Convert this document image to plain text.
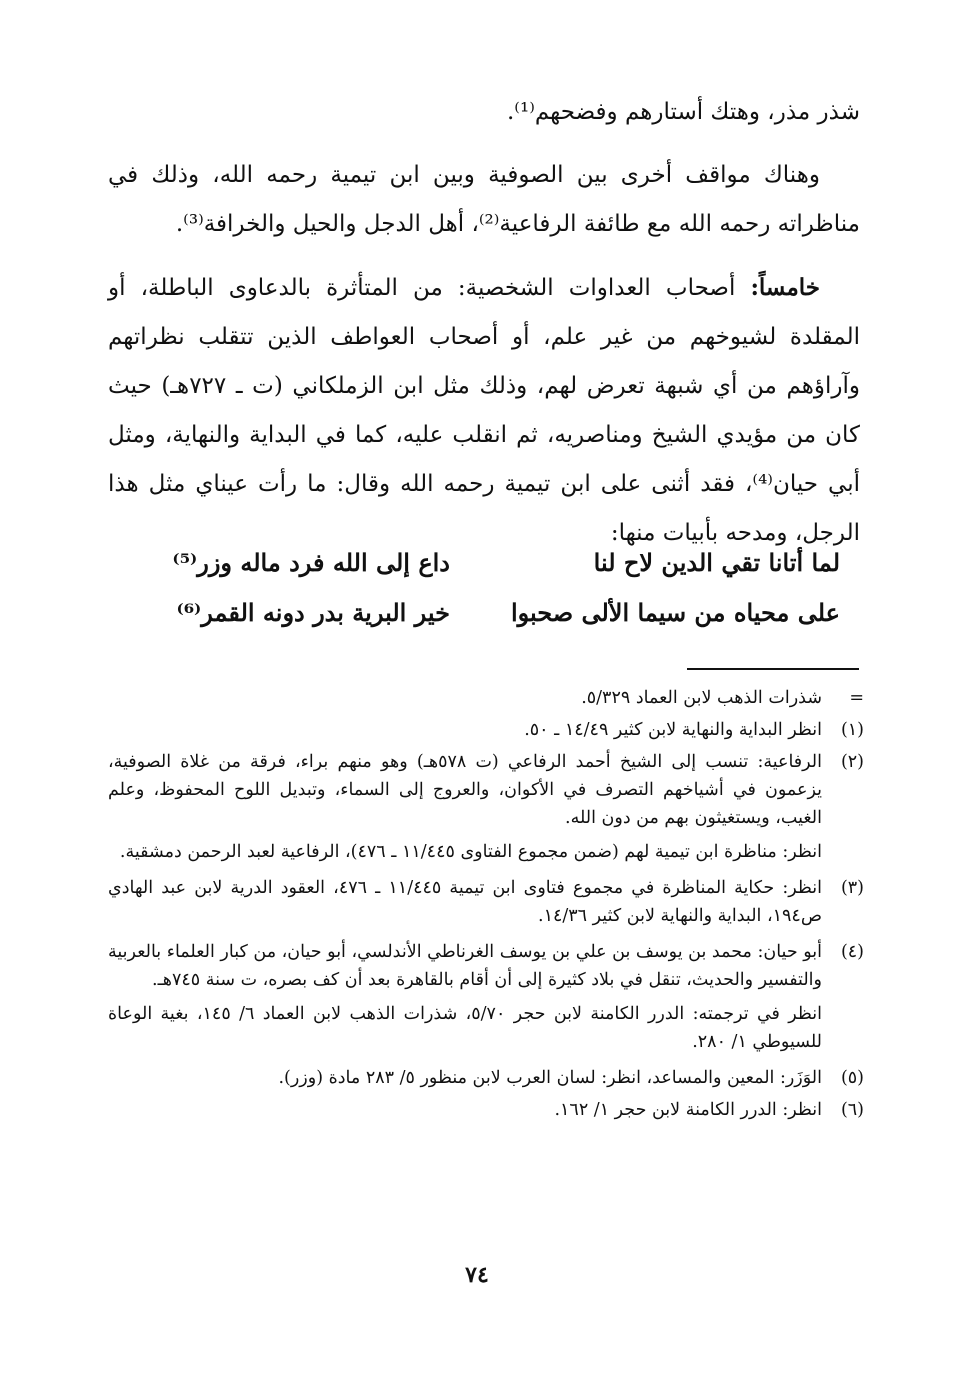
شذر مذر، وهتك أستارهم وفضحهم⁽¹⁾.

وهناك مواقف أخرى بين الصوفية وبين ابن تيمية رحمه الله، وذلك في مناظراته رحمه الله مع طائفة الرفاعية⁽²⁾، أهل الدجل والحيل والخرافة⁽³⁾.

خامساً: أصحاب العداوات الشخصية: من المتأثرة بالدعاوى الباطلة، أو المقلدة لشيوخهم من غير علم، أو أصحاب العواطف الذين تتقلب نظراتهم وآراؤهم من أي شبهة تعرض لهم، وذلك مثل ابن الزملكاني (ت ـ ٧٢٧هـ) حيث كان من مؤيدي الشيخ ومناصريه، ثم انقلب عليه، كما في البداية والنهاية، ومثل أبي حيان⁽⁴⁾، فقد أثنى على ابن تيمية رحمه الله وقال: ما رأت عيناي مثل هذا الرجل، ومدحه بأبيات منها:

لما أتانا تقي الدين لاح لنا
داع إلى الله فرد ماله وزر⁽⁵⁾
على محياه من سيما الألى صحبوا
خير البرية بدر دونه القمر⁽⁶⁾
=

شذرات الذهب لابن العماد ٥/٣٢٩.

(١)

انظر البداية والنهاية لابن كثير ١٤/٤٩ ـ ٥٠.

(٢)

الرفاعية: تنسب إلى الشيخ أحمد الرفاعي (ت ٥٧٨هـ) وهو منهم براء، فرقة من غلاة الصوفية، يزعمون في أشياخهم التصرف في الأكوان، والعروج إلى السماء، وتبديل اللوح المحفوظ، وعلم الغيب، ويستغيثون بهم من دون الله.

انظر: مناظرة ابن تيمية لهم (ضمن مجموع الفتاوى ١١/٤٤٥ ـ ٤٧٦)، الرفاعية لعبد الرحمن دمشقية.

(٣)

انظر: حكاية المناظرة في مجموع فتاوى ابن تيمية ١١/٤٤٥ ـ ٤٧٦، العقود الدرية لابن عبد الهادي ص١٩٤، البداية والنهاية لابن كثير ١٤/٣٦.

(٤)

أبو حيان: محمد بن يوسف بن علي بن يوسف الغرناطي الأندلسي، أبو حيان، من كبار العلماء بالعربية والتفسير والحديث، تنقل في بلاد كثيرة إلى أن أقام بالقاهرة بعد أن كف بصره، ت سنة ٧٤٥هـ.

انظر في ترجمته: الدرر الكامنة لابن حجر ٥/٧٠، شذرات الذهب لابن العماد ٦/ ١٤٥، بغية الوعاة للسيوطي ١/ ٢٨٠.

(٥)

الوَزَر: المعين والمساعد، انظر: لسان العرب لابن منظور ٥/ ٢٨٣ مادة (وزر).

(٦)

انظر: الدرر الكامنة لابن حجر ١/ ١٦٢.

٧٤
